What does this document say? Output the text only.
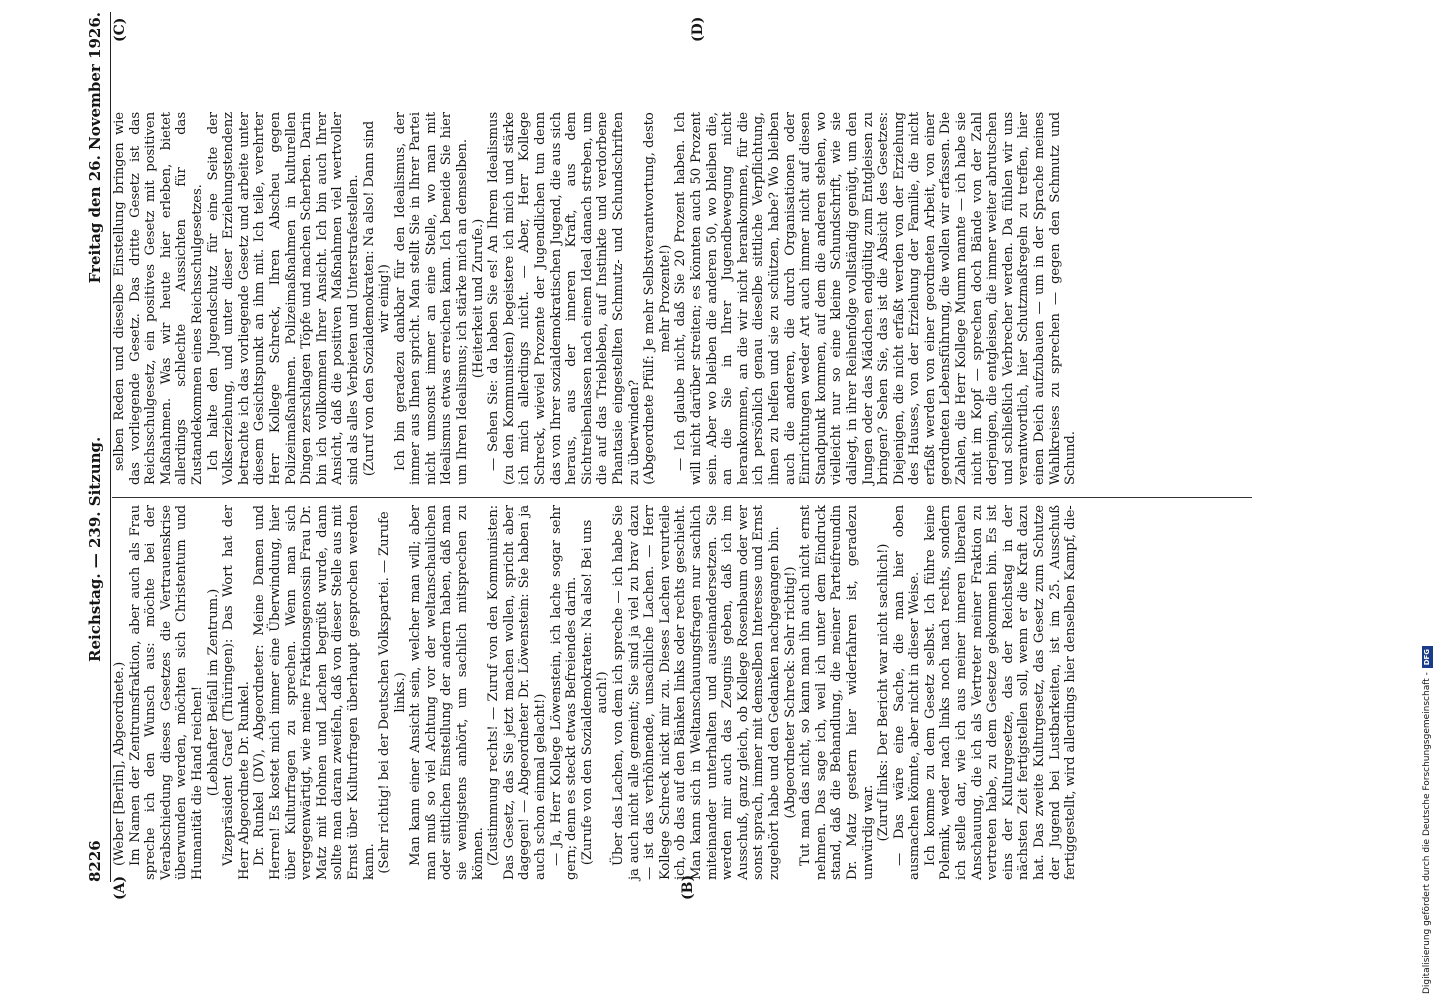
8226
Reichstag. — 239. Sitzung.
Freitag den 26. November 1926.
(A)	(B)
(C)	(D)

(Weber [Berlin], Abgeordnete.) Im Namen der Zentrumsfraktion, aber auch als Frau spreche ich den Wunsch aus: möchte bei der Verabschiedung dieses Gesetzes die Vertrauenskrise überwunden werden, möchten sich Christentum und Humanität die Hand reichen! (Lebhafter Beifall im Zentrum.) Vizepräsident Graef (Thüringen): Das Wort hat der Herr Abgeordnete Dr. Runkel. Dr. Runkel (DV), Abgeordneter: Meine Damen und Herren! Es kostet mich immer eine Überwindung, hier über Kulturfragen zu sprechen. Wenn man sich vergegenwärtigt, wie meine Fraktionsgenossin Frau Dr. Matz mit Hohnen und Lachen begrüßt wurde, dann sollte man daran zweifeln, daß von dieser Stelle aus mit Ernst über Kulturfragen überhaupt gesprochen werden kann. (Sehr richtig! bei der Deutschen Volkspartei. — Zurufe links.) Man kann einer Ansicht sein, welcher man will; aber man muß so viel Achtung vor der weltanschaulichen oder sittlichen Einstellung der andern haben, daß man sie wenigstens anhört, um sachlich mitsprechen zu können. (Zustimmung rechts! — Zuruf von den Kommunisten: Das Gesetz, das Sie jetzt machen wollen, spricht aber dagegen! — Abgeordneter Dr. Löwenstein: Sie haben ja auch schon einmal gelacht!) — Ja, Herr Kollege Löwenstein, ich lache sogar sehr gern; denn es steckt etwas Befreiendes darin. (Zurufe von den Sozialdemokraten: Na also! Bei uns auch!) Über das Lachen, von dem ich spreche — ich habe Sie ja auch nicht alle gemeint; Sie sind ja viel zu brav dazu — ist das verhöhnende, unsachliche Lachen. — Herr Kollege Schreck nickt mir zu. Dieses Lachen verurteile ich, ob das auf den Bänken links oder rechts geschieht. Man kann sich in Weltanschauungsfragen nur sachlich miteinander unterhalten und auseinandersetzen. Sie werden mir auch das Zeugnis geben, daß ich im Ausschuß, ganz gleich, ob Kollege Rosenbaum oder wer sonst sprach, immer mit demselben Interesse und Ernst zugehört habe und den Gedanken nachgegangen bin. (Abgeordneter Schreck: Sehr richtig!) Tut man das nicht, so kann man ihn auch nicht ernst nehmen. Das sage ich, weil ich unter dem Eindruck stand, daß die Behandlung, die meiner Parteifreundin Dr. Matz gestern hier widerfahren ist, geradezu unwürdig war. (Zuruf links: Der Bericht war nicht sachlich!) — Das wäre eine Sache, die man hier oben ausmachen könnte, aber nicht in dieser Weise. Ich komme zu dem Gesetz selbst. Ich führe keine Polemik, weder nach links noch nach rechts, sondern ich stelle dar, wie ich aus meiner inneren liberalen Anschauung, die ich als Vertreter meiner Fraktion zu vertreten habe, zu dem Gesetze gekommen bin. Es ist eins der Kulturgesetze, das der Reichstag in der nächsten Zeit fertigstellen soll, wenn er die Kraft dazu hat. Das zweite Kulturgesetz, das Gesetz zum Schutze der Jugend bei Lustbarkeiten, ist im 25. Ausschuß fertiggestellt, wird allerdings hier denselben Kampf, die-

selben Reden und dieselbe Einstellung bringen wie das vorliegende Gesetz. Das dritte Gesetz ist das Reichsschulgesetz, ein positives Gesetz mit positiven Maßnahmen. Was wir heute hier erleben, bietet allerdings schlechte Aussichten für das Zustandekommen eines Reichsschulgesetzes. Ich halte den Jugendschutz für eine Seite der Volkserziehung, und unter dieser Erziehungstendenz betrachte ich das vorliegende Gesetz und arbeite unter diesem Gesichtspunkt an ihm mit. Ich teile, verehrter Herr Kollege Schreck, Ihren Abscheu gegen Polizeimaßnahmen. Polizeimaßnahmen in kulturellen Dingen zerschlagen Töpfe und machen Scherben. Darin bin ich vollkommen Ihrer Ansicht. Ich bin auch Ihrer Ansicht, daß die positiven Maßnahmen viel wertvoller sind als alles Verbieten und Unterstrafestellen. (Zuruf von den Sozialdemokraten: Na also! Dann sind wir einig!) Ich bin geradezu dankbar für den Idealismus, der immer aus Ihnen spricht. Man stellt Sie in Ihrer Partei nicht umsonst immer an eine Stelle, wo man mit Idealismus etwas erreichen kann. Ich beneide Sie hier um Ihren Idealismus; ich stärke mich an demselben. (Heiterkeit und Zurufe.) — Sehen Sie: da haben Sie es! An Ihrem Idealismus (zu den Kommunisten) begeistere ich mich und stärke ich mich allerdings nicht. — Aber, Herr Kollege Schreck, wieviel Prozente der Jugendlichen tun denn das von Ihrer sozialdemokratischen Jugend, die aus sich heraus, aus der inneren Kraft, aus dem Sichtreibenlassen nach einem Ideal danach streben, um die auf das Triebleben, auf Instinkte und verdorbene Phantasie eingestellten Schmutz- und Schundschriften zu überwinden? (Abgeordnete Pfülf: Je mehr Selbstverantwortung, desto mehr Prozente!) — Ich glaube nicht, daß Sie 20 Prozent haben. Ich will nicht darüber streiten; es könnten auch 50 Prozent sein. Aber wo bleiben die anderen 50, wo bleiben die, an die Sie in Ihrer Jugendbewegung nicht herankommen, an die wir nicht herankommen, für die ich persönlich genau dieselbe sittliche Verpflichtung, ihnen zu helfen und sie zu schützen, habe? Wo bleiben auch die anderen, die durch Organisationen oder Einrichtungen weder Art auch immer nicht auf diesen Standpunkt kommen, auf dem die anderen stehen, wo vielleicht nur so eine kleine Schundschrift, wie sie daliegt, in ihrer Reihenfolge vollständig genügt, um den Jungen oder das Mädchen endgültig zum Entgleisen zu bringen? Sehen Sie, das ist die Absicht des Gesetzes: Diejenigen, die nicht erfaßt werden von der Erziehung des Hauses, von der Erziehung der Familie, die nicht erfaßt werden von einer geordneten Arbeit, von einer geordneten Lebensführung, die wollen wir erfassen. Die Zahlen, die Herr Kollege Mumm nannte — ich habe sie nicht im Kopf — sprechen doch Bände von der Zahl derjenigen, die entgleisen, die immer weiter abrutschen und schließlich Verbrecher werden. Da fühlen wir uns verantwortlich, hier Schutzmaßregeln zu treffen, hier einen Deich aufzubauen — um in der Sprache meines Wahlkreises zu sprechen — gegen den Schmutz und Schund.

Digitalisierung gefördert durch die Deutsche Forschungsgemeinschaft -
DFG
